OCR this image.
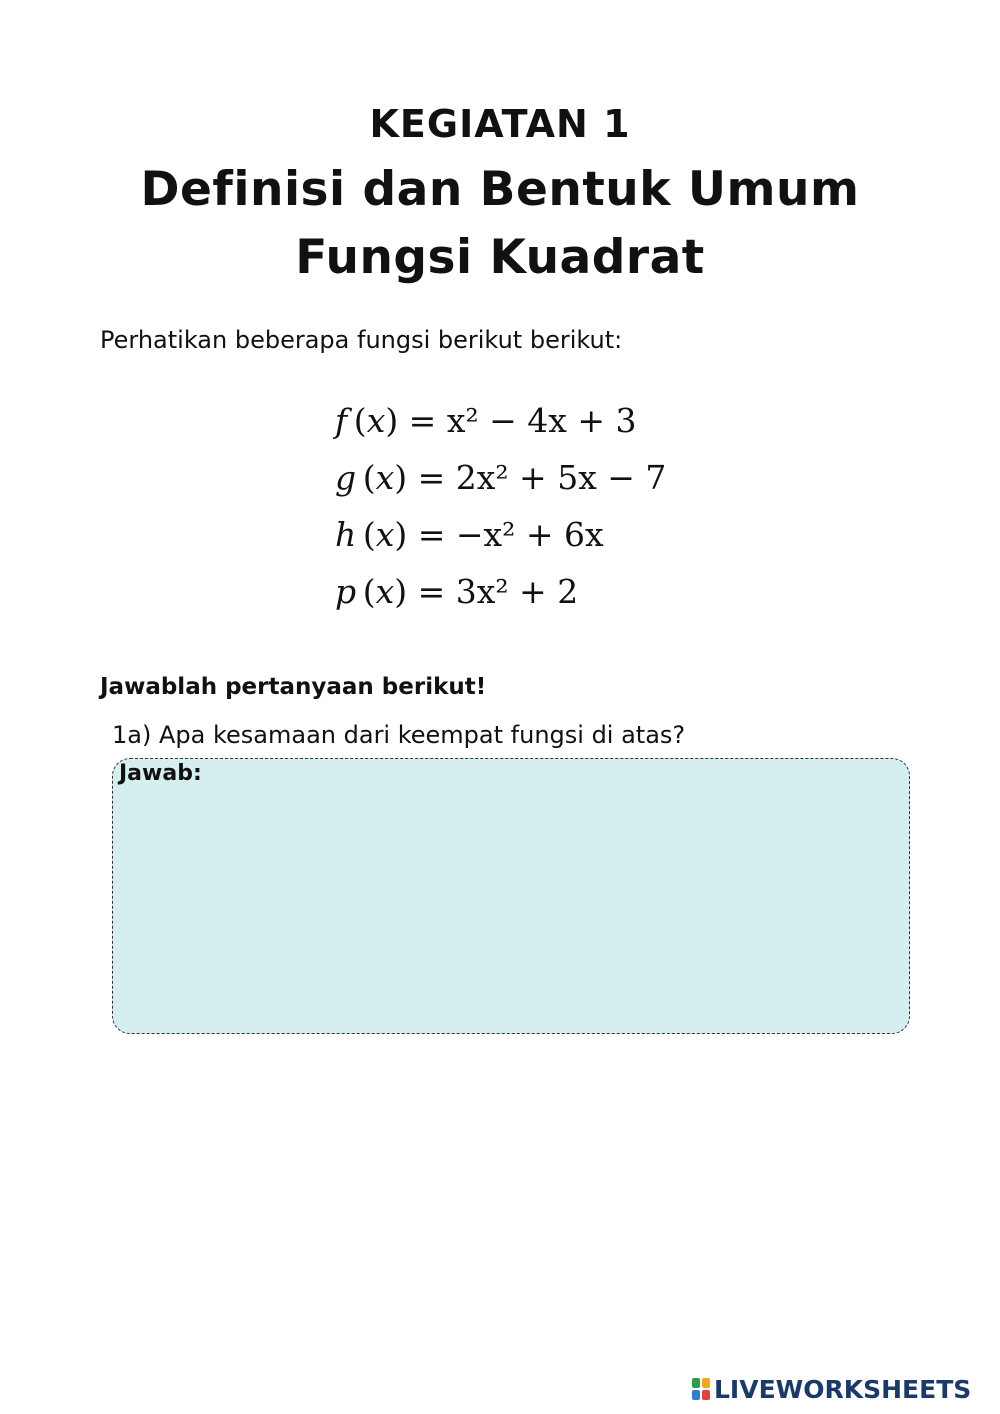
KEGIATAN 1
Definisi dan Bentuk Umum
Fungsi Kuadrat
Perhatikan beberapa fungsi berikut berikut:
f (x) = x² − 4x + 3
g (x) = 2x² + 5x − 7
h (x) = −x² + 6x
p (x) = 3x² + 2
Jawablah pertanyaan berikut!
1a) Apa kesamaan dari keempat fungsi di atas?
Jawab:
LIVEWORKSHEETS
